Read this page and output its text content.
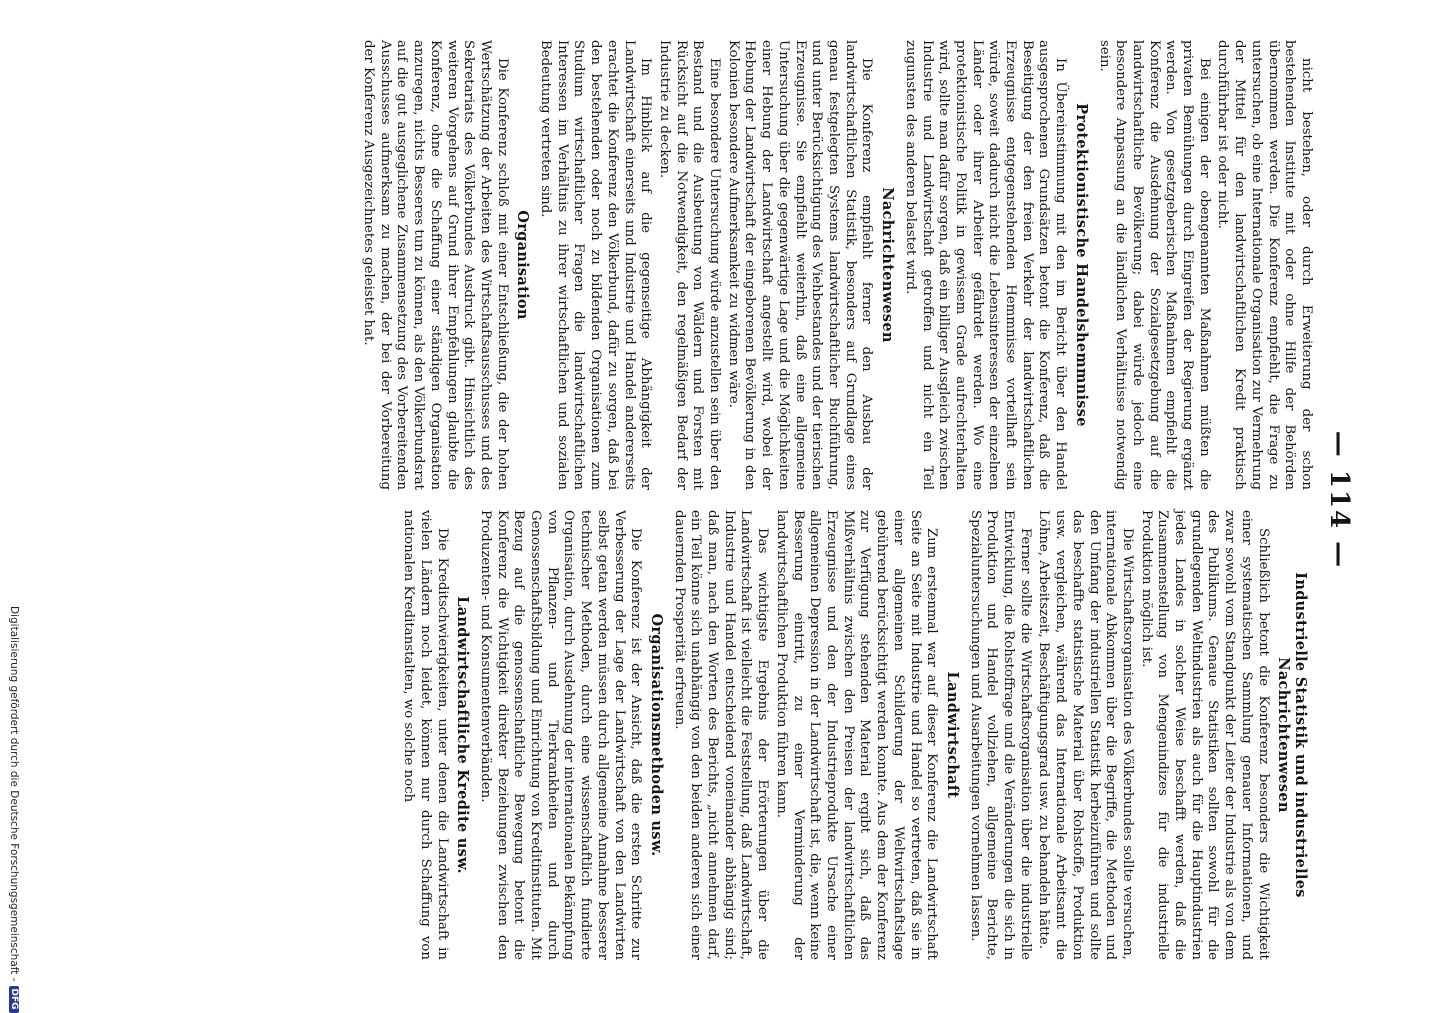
— 114 —

nicht bestehen, oder durch Erweiterung der schon bestehenden Institute mit oder ohne Hilfe der Behörden übernommen werden. Die Konferenz empfiehlt, die Frage zu untersuchen, ob eine Internationale Organisation zur Vermehrung der Mittel für den landwirtschaftlichen Kredit praktisch durchführbar ist oder nicht.

Bei einigen der obengenannten Maßnahmen müßten die privaten Bemühungen durch Eingreifen der Regierung ergänzt werden. Von gesetzgeberischen Maßnahmen empfiehlt die Konferenz die Ausdehnung der Sozialgesetzgebung auf die landwirtschaftliche Bevölkerung; dabei würde jedoch eine besondere Anpassung an die ländlichen Verhältnisse notwendig sein.

Protektionistische Handelshemmnisse

In Übereinstimmung mit den im Bericht über den Handel ausgesprochenen Grundsätzen betont die Konferenz, daß die Beseitigung der den freien Verkehr der landwirtschaftlichen Erzeugnisse entgegenstehenden Hemmnisse vorteilhaft sein würde, soweit dadurch nicht die Lebensinteressen der einzelnen Länder oder ihrer Arbeiter gefährdet werden. Wo eine protektionistische Politik in gewissem Grade aufrechterhalten wird, sollte man dafür sorgen, daß ein billiger Ausgleich zwischen Industrie und Landwirtschaft getroffen und nicht ein Teil zugunsten des anderen belastet wird.

Nachrichtenwesen

Die Konferenz empfiehlt ferner den Ausbau der landwirtschaftlichen Statistik, besonders auf Grundlage eines genau festgelegten Systems landwirtschaftlicher Buchführung, und unter Berücksichtigung des Viehbestandes und der tierischen Erzeugnisse. Sie empfiehlt weiterhin, daß eine allgemeine Untersuchung über die gegenwärtige Lage und die Möglichkeiten einer Hebung der Landwirtschaft angestellt wird, wobei der Hebung der Landwirtschaft der eingeborenen Bevölkerung in den Kolonien besondere Aufmerksamkeit zu widmen wäre.

Eine besondere Untersuchung würde anzustellen sein über den Bestand und die Ausbeutung von Wäldern und Forsten mit Rücksicht auf die Notwendigkeit, den regelmäßigen Bedarf der Industrie zu decken.

Im Hinblick auf die gegenseitige Abhängigkeit der Landwirtschaft einerseits und Industrie und Handel andererseits erachtet die Konferenz den Völkerbund, dafür zu sorgen, daß bei den bestehenden oder noch zu bildenden Organisationen zum Studium wirtschaftlicher Fragen die landwirtschaftlichen Interessen im Verhältnis zu ihrer wirtschaftlichen und sozialen Bedeutung vertreten sind.

Organisation

Die Konferenz schloß mit einer Entschließung, die der hohen Wertschätzung der Arbeiten des Wirtschaftsausschusses und des Sekretariats des Völkerbundes Ausdruck gibt. Hinsichtlich des weiteren Vorgehens auf Grund ihrer Empfehlungen glaubte die Konferenz, ohne die Schaffung einer ständigen Organisation anzuregen, nichts Besseres tun zu können, als den Völkerbundsrat auf die gut ausgeglichene Zusammensetzung des Vorbereitenden Ausschusses aufmerksam zu machen, der bei der Vorbereitung der Konferenz Ausgezeichnetes geleistet hat.

Industrielle Statistik und industrielles Nachrichtenwesen

Schließlich betont die Konferenz besonders die Wichtigkeit einer systematischen Sammlung genauer Informationen, und zwar sowohl vom Standpunkt der Leiter der Industrie als von dem des Publikums. Genaue Statistiken sollten sowohl für die grundlegenden Weltindustrien als auch für die Hauptindustrien jedes Landes in solcher Weise beschafft werden, daß die Zusammenstellung von Mengenindizes für die industrielle Produktion möglich ist.

Die Wirtschaftsorganisation des Völkerbundes sollte versuchen, internationale Abkommen über die Begriffe, die Methoden und den Umfang der industriellen Statistik herbeizuführen und sollte das beschaffte statistische Material über Rohstoffe, Produktion usw. vergleichen, während das Internationale Arbeitsamt die Löhne, Arbeitszeit, Beschäftigungsgrad usw. zu behandeln hätte.

Ferner sollte die Wirtschaftsorganisation über die industrielle Entwicklung, die Rohstoffrage und die Veränderungen die sich in Produktion und Handel vollziehen, allgemeine Berichte, Spezialuntersuchungen und Ausarbeitungen vornehmen lassen.

Landwirtschaft

Zum erstenmal war auf dieser Konferenz die Landwirtschaft Seite an Seite mit Industrie und Handel so vertreten, daß sie in einer allgemeinen Schilderung der Weltwirtschaftslage gebührend berücksichtigt werden konnte. Aus dem der Konferenz zur Verfügung stehenden Material ergibt sich, daß das Mißverhältnis zwischen den Preisen der landwirtschaftlichen Erzeugnisse und den der Industrieprodukte Ursache einer allgemeinen Depression in der Landwirtschaft ist, die, wenn keine Besserung eintritt, zu einer Verminderung der landwirtschaftlichen Produktion führen kann.

Das wichtigste Ergebnis der Erörterungen über die Landwirtschaft ist vielleicht die Feststellung, daß Landwirtschaft, Industrie und Handel entscheidend voneinander abhängig sind; daß man, nach den Worten des Berichts, „nicht annehmen darf, ein Teil könne sich unabhängig von den beiden anderen sich einer dauernden Prosperität erfreuen.

Organisationsmethoden usw.

Die Konferenz ist der Ansicht, daß die ersten Schritte zur Verbesserung der Lage der Landwirtschaft von den Landwirten selbst getan werden müssen durch allgemeine Annahme besserer technischer Methoden, durch eine wissenschaftlich fundierte Organisation, durch Ausdehnung der internationalen Bekämpfung von Pflanzen- und Tierkrankheiten und durch Genossenschaftsbildung und Einrichtung von Kreditinstituten. Mit Bezug auf die genossenschaftliche Bewegung betont die Konferenz die Wichtigkeit direkter Beziehungen zwischen den Produzenten- und Konsumentenverbänden.

Landwirtschaftliche Kredite usw.

Die Kreditschwierigkeiten, unter denen die Landwirtschaft in vielen Ländern noch leidet, können nur durch Schaffung von nationalen Kreditanstalten, wo solche noch

Digitalisierung gefördert durch die Deutsche Forschungsgemeinschaft -DFG
